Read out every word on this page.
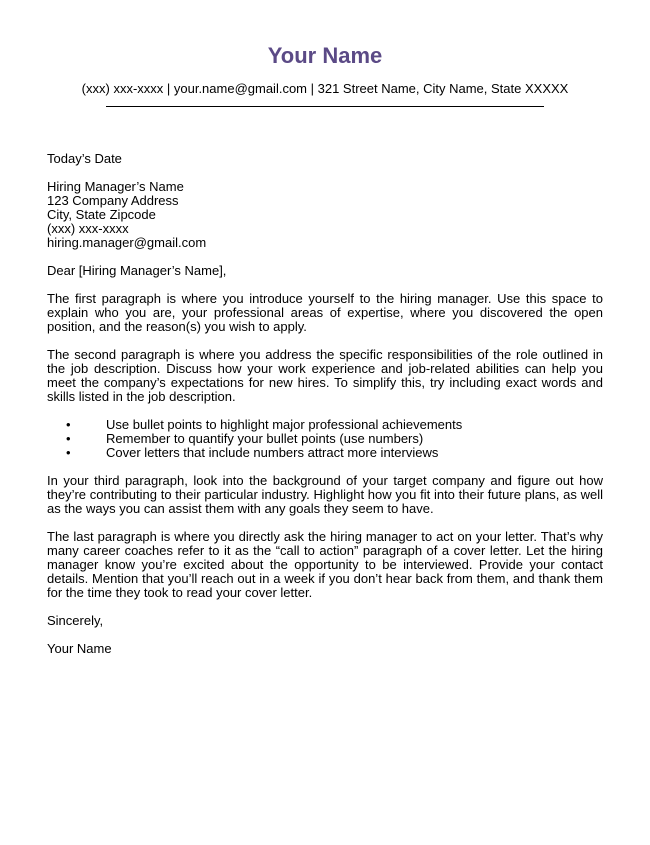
Your Name
(xxx) xxx-xxxx | your.name@gmail.com | 321 Street Name, City Name, State XXXXX

Today’s Date

Hiring Manager’s Name
123 Company Address
City, State Zipcode
(xxx) xxx-xxxx
hiring.manager@gmail.com

Dear [Hiring Manager’s Name],

The first paragraph is where you introduce yourself to the hiring manager. Use this space to explain who you are, your professional areas of expertise, where you discovered the open position, and the reason(s) you wish to apply.

The second paragraph is where you address the specific responsibilities of the role outlined in the job description. Discuss how your work experience and job-related abilities can help you meet the company’s expectations for new hires. To simplify this, try including exact words and skills listed in the job description.

•	Use bullet points to highlight major professional achievements
•	Remember to quantify your bullet points (use numbers)
•	Cover letters that include numbers attract more interviews

In your third paragraph, look into the background of your target company and figure out how they’re contributing to their particular industry. Highlight how you fit into their future plans, as well as the ways you can assist them with any goals they seem to have.

The last paragraph is where you directly ask the hiring manager to act on your letter. That’s why many career coaches refer to it as the “call to action” paragraph of a cover letter. Let the hiring manager know you’re excited about the opportunity to be interviewed. Provide your contact details. Mention that you’ll reach out in a week if you don’t hear back from them, and thank them for the time they took to read your cover letter.

Sincerely,

Your Name
